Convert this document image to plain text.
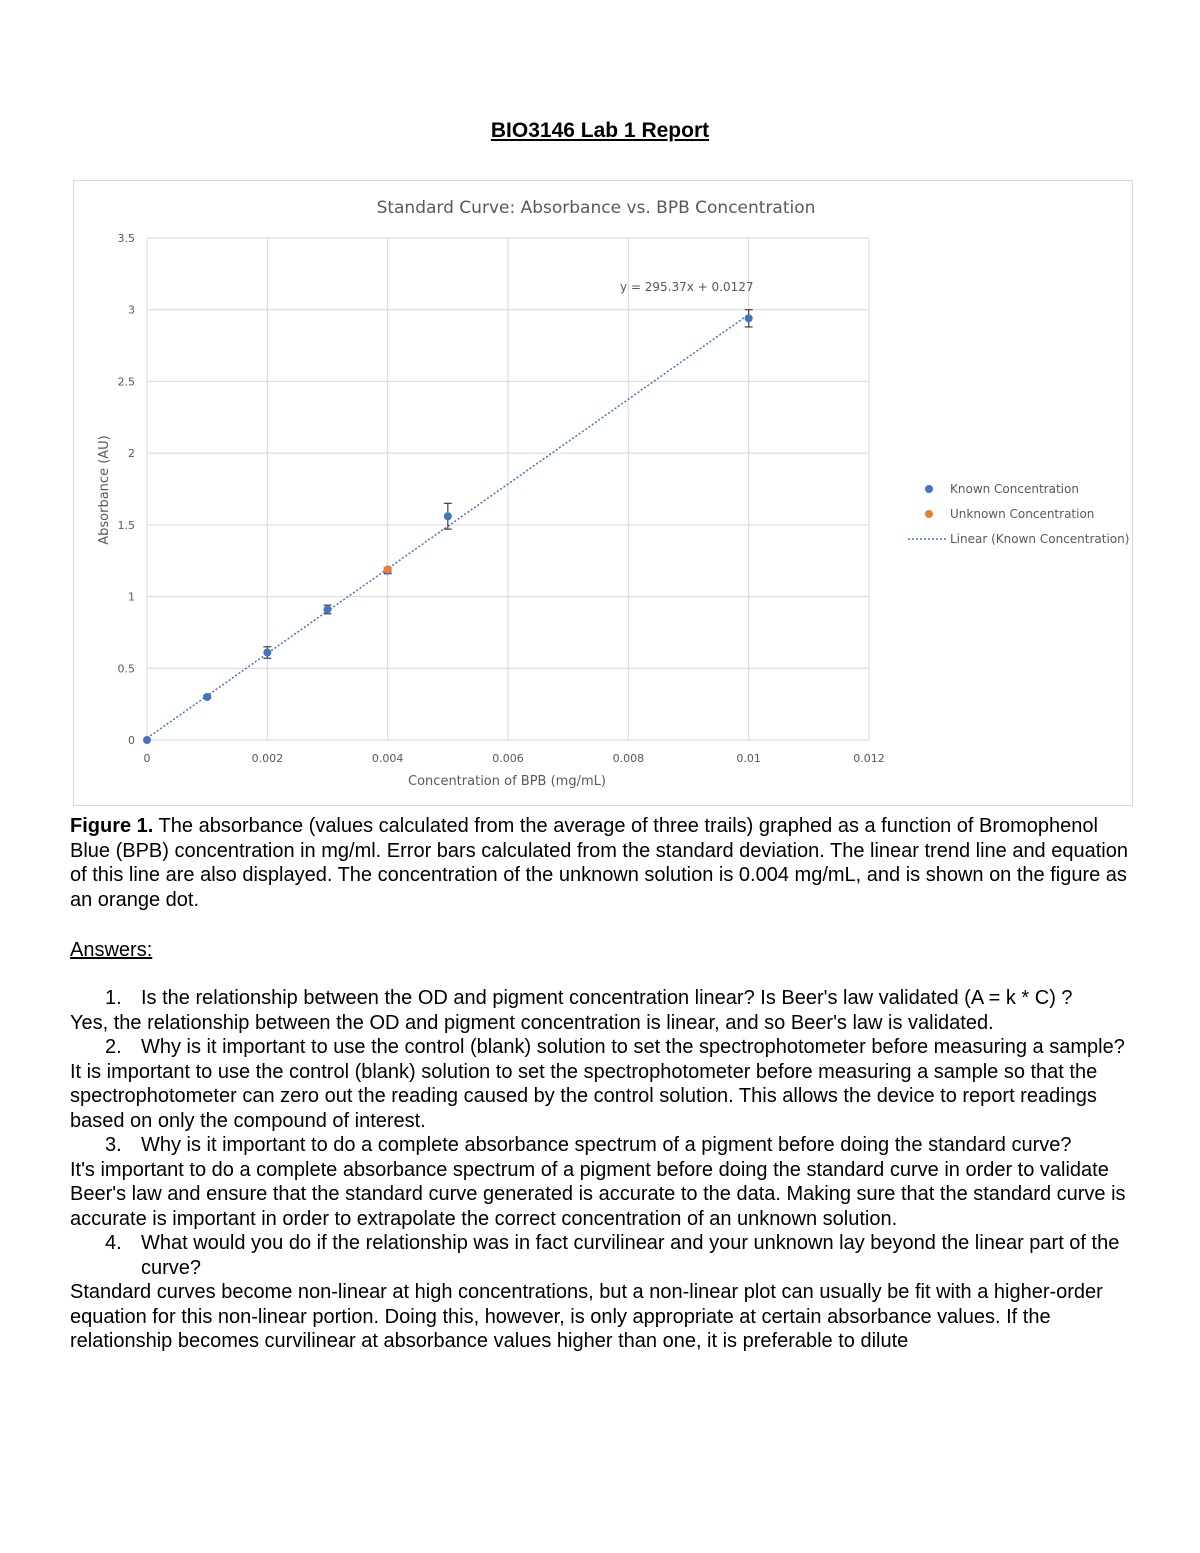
BIO3146 Lab 1 Report
0
0.5
1
1.5
2
2.5
3
3.5
0	0.002	0.004	0.006	0.008	0.01	0.012
Standard Curve: Absorbance vs. BPB Concentration
y = 295.37x + 0.0127
Concentration of BPB (mg/mL)
Absorbance (AU)	Known Concentration
Unknown Concentration
Linear (Known Concentration)
Figure 1. The absorbance (values calculated from the average of three trails) graphed as a function of Bromophenol Blue (BPB) concentration in mg/ml. Error bars calculated from the standard deviation. The linear trend line and equation of this line are also displayed. The concentration of the unknown solution is 0.004 mg/mL, and is shown on the figure as an orange dot.
Answers:
1. Is the relationship between the OD and pigment concentration linear? Is Beer's law validated (A = k * C) ?
Yes, the relationship between the OD and pigment concentration is linear, and so Beer's law is validated.
2. Why is it important to use the control (blank) solution to set the spectrophotometer before measuring a sample?
It is important to use the control (blank) solution to set the spectrophotometer before measuring a sample so that the spectrophotometer can zero out the reading caused by the control solution. This allows the device to report readings based on only the compound of interest.
3. Why is it important to do a complete absorbance spectrum of a pigment before doing the standard curve?
It's important to do a complete absorbance spectrum of a pigment before doing the standard curve in order to validate Beer's law and ensure that the standard curve generated is accurate to the data. Making sure that the standard curve is accurate is important in order to extrapolate the correct concentration of an unknown solution.
4. What would you do if the relationship was in fact curvilinear and your unknown lay beyond the linear part of the curve?
Standard curves become non-linear at high concentrations, but a non-linear plot can usually be fit with a higher-order equation for this non-linear portion. Doing this, however, is only appropriate at certain absorbance values. If the relationship becomes curvilinear at absorbance values higher than one, it is preferable to dilute
